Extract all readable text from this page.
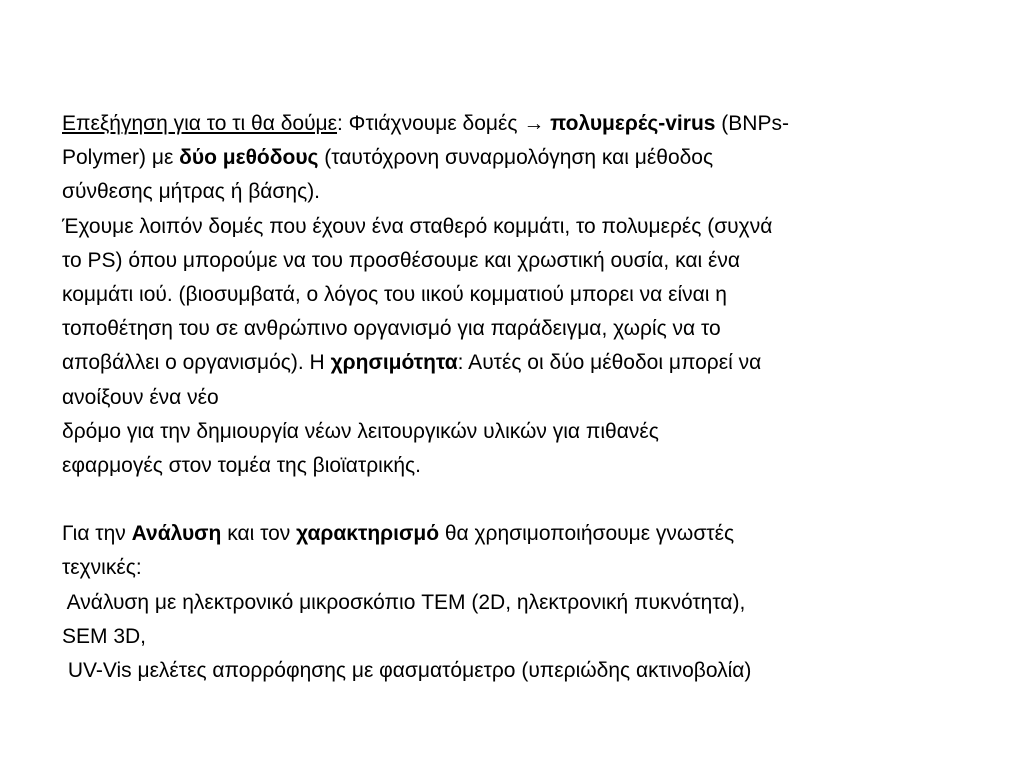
Επεξήγηση για το τι θα δούμε: Φτιάχνουμε δομές → πολυμερές-virus (BNPs-
Polymer) με δύο μεθόδους (ταυτόχρονη συναρμολόγηση και μέθοδος
σύνθεσης μήτρας ή βάσης).
Έχουμε λοιπόν δομές που έχουν ένα σταθερό κομμάτι, το πολυμερές (συχνά
το PS) όπου μπορούμε να του προσθέσουμε και χρωστική ουσία, και ένα
κομμάτι ιού. (βιοσυμβατά, ο λόγος του ιικού κομματιού μπορει να είναι η
τοποθέτηση του σε ανθρώπινο οργανισμό για παράδειγμα, χωρίς να το
αποβάλλει ο οργανισμός). Η χρησιμότητα: Αυτές οι δύο μέθοδοι μπορεί να
ανοίξουν ένα νέο
δρόμο για την δημιουργία νέων λειτουργικών υλικών για πιθανές
εφαρμογές στον τομέα της βιοϊατρικής.
Για την Ανάλυση και τον χαρακτηρισμό θα χρησιμοποιήσουμε γνωστές
τεχνικές:
Ανάλυση με ηλεκτρονικό μικροσκόπιο TEM (2D, ηλεκτρονική πυκνότητα),
SEM 3D,
UV-Vis μελέτες απορρόφησης με φασματόμετρο (υπεριώδης ακτινοβολία)
